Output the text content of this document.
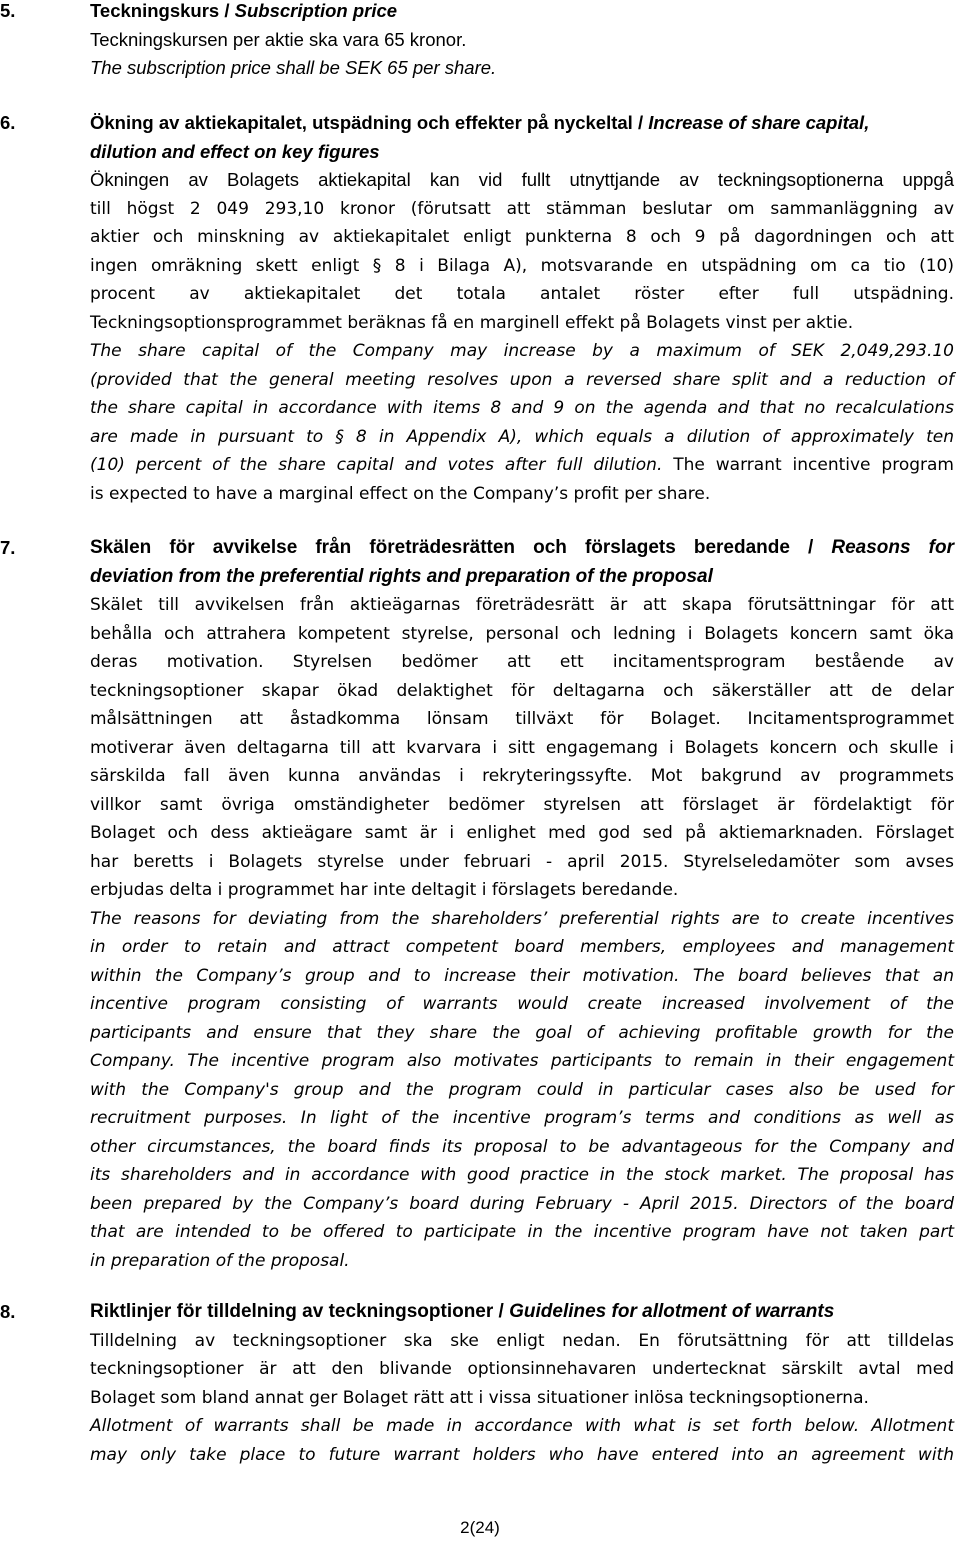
5.	Teckningskurs / Subscription price
Teckningskursen per aktie ska vara 65 kronor.
The subscription price shall be SEK 65 per share.
6.	Ökning av aktiekapitalet, utspädning och effekter på nyckeltal / Increase of share capital,
dilution and effect on key figures
Ökningen av Bolagets aktiekapital kan vid fullt utnyttjande av teckningsoptionerna uppgå
till högst 2 049 293,10 kronor (förutsatt att stämman beslutar om sammanläggning av
aktier och minskning av aktiekapitalet enligt punkterna 8 och 9 på dagordningen och att
ingen omräkning skett enligt § 8 i Bilaga A), motsvarande en utspädning om ca tio (10)
procent av aktiekapitalet det totala antalet röster efter full utspädning.
Teckningsoptionsprogrammet beräknas få en marginell effekt på Bolagets vinst per aktie.
The share capital of the Company may increase by a maximum of SEK 2,049,293.10
(provided that the general meeting resolves upon a reversed share split and a reduction of
the share capital in accordance with items 8 and 9 on the agenda and that no recalculations
are made in pursuant to § 8 in Appendix A), which equals a dilution of approximately ten
(10) percent of the share capital and votes after full dilution. The warrant incentive program
is expected to have a marginal effect on the Company’s profit per share.
7.	Skälen för avvikelse från företrädesrätten och förslagets beredande / Reasons for
deviation from the preferential rights and preparation of the proposal
Skälet till avvikelsen från aktieägarnas företrädesrätt är att skapa förutsättningar för att
behålla och attrahera kompetent styrelse, personal och ledning i Bolagets koncern samt öka
deras motivation. Styrelsen bedömer att ett incitamentsprogram bestående av
teckningsoptioner skapar ökad delaktighet för deltagarna och säkerställer att de delar
målsättningen att åstadkomma lönsam tillväxt för Bolaget. Incitamentsprogrammet
motiverar även deltagarna till att kvarvara i sitt engagemang i Bolagets koncern och skulle i
särskilda fall även kunna användas i rekryteringssyfte. Mot bakgrund av programmets
villkor samt övriga omständigheter bedömer styrelsen att förslaget är fördelaktigt för
Bolaget och dess aktieägare samt är i enlighet med god sed på aktiemarknaden. Förslaget
har beretts i Bolagets styrelse under februari - april 2015. Styrelseledamöter som avses
erbjudas delta i programmet har inte deltagit i förslagets beredande.
The reasons for deviating from the shareholders’ preferential rights are to create incentives
in order to retain and attract competent board members, employees and management
within the Company’s group and to increase their motivation. The board believes that an
incentive program consisting of warrants would create increased involvement of the
participants and ensure that they share the goal of achieving profitable growth for the
Company. The incentive program also motivates participants to remain in their engagement
with the Company's group and the program could in particular cases also be used for
recruitment purposes. In light of the incentive program’s terms and conditions as well as
other circumstances, the board finds its proposal to be advantageous for the Company and
its shareholders and in accordance with good practice in the stock market. The proposal has
been prepared by the Company’s board during February - April 2015. Directors of the board
that are intended to be offered to participate in the incentive program have not taken part
in preparation of the proposal.
8.	Riktlinjer för tilldelning av teckningsoptioner / Guidelines for allotment of warrants
Tilldelning av teckningsoptioner ska ske enligt nedan. En förutsättning för att tilldelas
teckningsoptioner är att den blivande optionsinnehavaren undertecknat särskilt avtal med
Bolaget som bland annat ger Bolaget rätt att i vissa situationer inlösa teckningsoptionerna.
Allotment of warrants shall be made in accordance with what is set forth below. Allotment
may only take place to future warrant holders who have entered into an agreement with
2(24)
